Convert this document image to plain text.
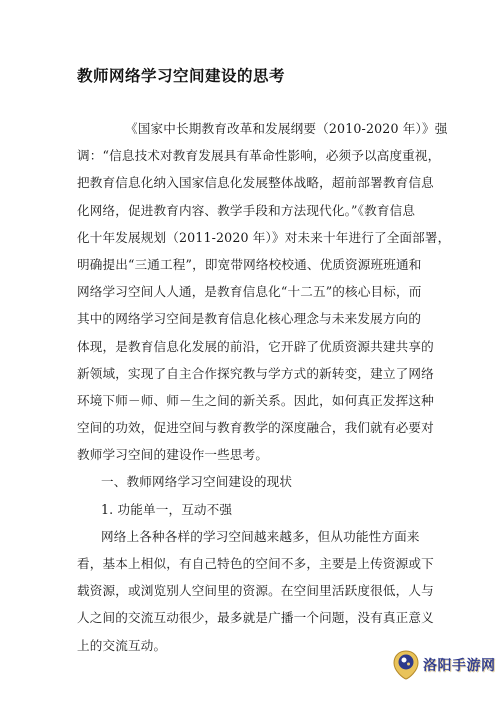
教师网络学习空间建设的思考
《国家中长期教育改革和发展纲要（2010-2020 年）》强
调：“信息技术对教育发展具有革命性影响，必须予以高度重视，
把教育信息化纳入国家信息化发展整体战略，超前部署教育信息
化网络，促进教育内容、教学手段和方法现代化。”《教育信息
化十年发展规划（2011-2020 年）》对未来十年进行了全面部署，
明确提出“三通工程”，即宽带网络校校通、优质资源班班通和
网络学习空间人人通，是教育信息化“十二五”的核心目标，而
其中的网络学习空间是教育信息化核心理念与未来发展方向的
体现，是教育信息化发展的前沿，它开辟了优质资源共建共享的
新领域，实现了自主合作探究教与学方式的新转变，建立了网络
环境下师－师、师－生之间的新关系。因此，如何真正发挥这种
空间的功效，促进空间与教育教学的深度融合，我们就有必要对
教师学习空间的建设作一些思考。
一、教师网络学习空间建设的现状
1. 功能单一，互动不强
网络上各种各样的学习空间越来越多，但从功能性方面来
看，基本上相似，有自己特色的空间不多，主要是上传资源或下
载资源，或浏览别人空间里的资源。在空间里活跃度很低，人与
人之间的交流互动很少，最多就是广播一个问题，没有真正意义
上的交流互动。
洛阳手游网
